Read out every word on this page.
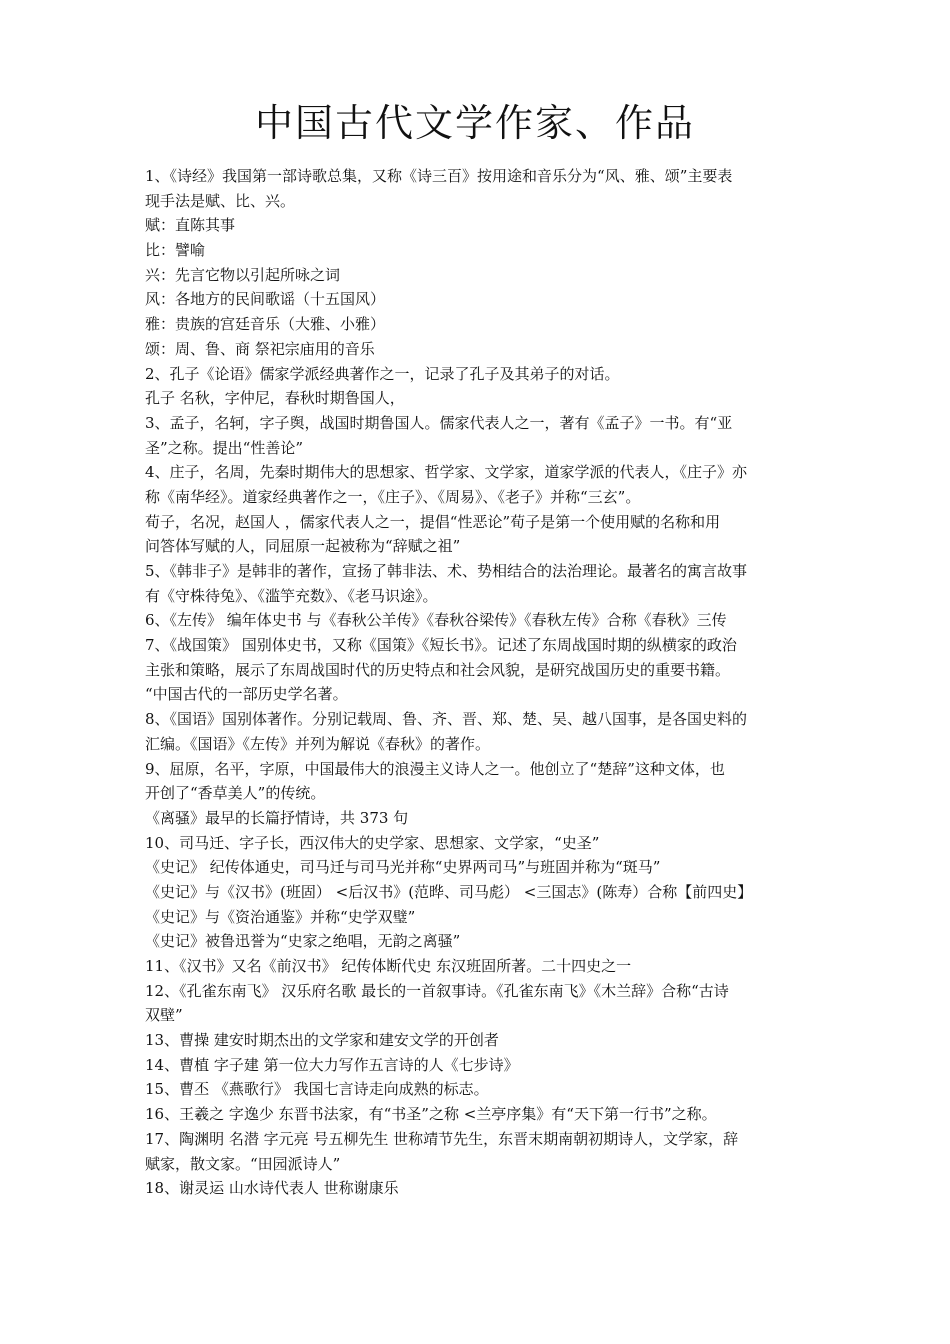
中国古代文学作家、作品
1、《诗经》我国第一部诗歌总集，又称《诗三百》按用途和音乐分为“风、雅、颂”主要表
现手法是赋、比、兴。
赋：直陈其事
比：譬喻
兴：先言它物以引起所咏之词
风：各地方的民间歌谣（十五国风）
雅：贵族的宫廷音乐（大雅、小雅）
颂：周、鲁、商 祭祀宗庙用的音乐
2、孔子《论语》儒家学派经典著作之一，记录了孔子及其弟子的对话。
孔子 名秋，字仲尼，春秋时期鲁国人，
3、孟子，名轲，字子舆，战国时期鲁国人。儒家代表人之一，著有《孟子》一书。有“亚
圣”之称。提出“性善论”
4、庄子，名周，先秦时期伟大的思想家、哲学家、文学家，道家学派的代表人，《庄子》亦
称《南华经》。道家经典著作之一，《庄子》、《周易》、《老子》并称“三玄”。
荀子，名况，赵国人 ，儒家代表人之一，提倡“性恶论”荀子是第一个使用赋的名称和用
问答体写赋的人，同屈原一起被称为“辞赋之祖”
5、《韩非子》是韩非的著作，宣扬了韩非法、术、势相结合的法治理论。最著名的寓言故事
有《守株待兔》、《滥竽充数》、《老马识途》。
6、《左传》 编年体史书 与《春秋公羊传》《春秋谷梁传》《春秋左传》合称《春秋》三传
7、《战国策》 国别体史书，又称《国策》《短长书》。记述了东周战国时期的纵横家的政治
主张和策略，展示了东周战国时代的历史特点和社会风貌，是研究战国历史的重要书籍。
“中国古代的一部历史学名著。
8、《国语》国别体著作。分别记载周、鲁、齐、晋、郑、楚、吴、越八国事，是各国史料的
汇编。《国语》《左传》并列为解说《春秋》的著作。
9、屈原，名平，字原，中国最伟大的浪漫主义诗人之一。他创立了“楚辞”这种文体，也
开创了“香草美人”的传统。
《离骚》最早的长篇抒情诗，共 373 句
10、司马迁、字子长，西汉伟大的史学家、思想家、文学家，“史圣”
《史记》 纪传体通史，司马迁与司马光并称“史界两司马”与班固并称为“斑马”
《史记》与《汉书》(班固） <后汉书》(范晔、司马彪） <三国志》(陈寿）合称【前四史】
《史记》与《资治通鉴》并称“史学双璧”
《史记》被鲁迅誉为“史家之绝唱，无韵之离骚”
11、《汉书》又名《前汉书》 纪传体断代史 东汉班固所著。二十四史之一
12、《孔雀东南飞》 汉乐府名歌 最长的一首叙事诗。《孔雀东南飞》《木兰辞》合称“古诗
双壁”
13、曹操 建安时期杰出的文学家和建安文学的开创者
14、曹植 字子建 第一位大力写作五言诗的人《七步诗》
15、曹丕 《燕歌行》 我国七言诗走向成熟的标志。
16、王羲之 字逸少 东晋书法家，有“书圣”之称 <兰亭序集》有“天下第一行书”之称。
17、陶渊明 名潜 字元亮 号五柳先生 世称靖节先生，东晋末期南朝初期诗人，文学家，辞
赋家，散文家。“田园派诗人”
18、谢灵运 山水诗代表人 世称谢康乐
